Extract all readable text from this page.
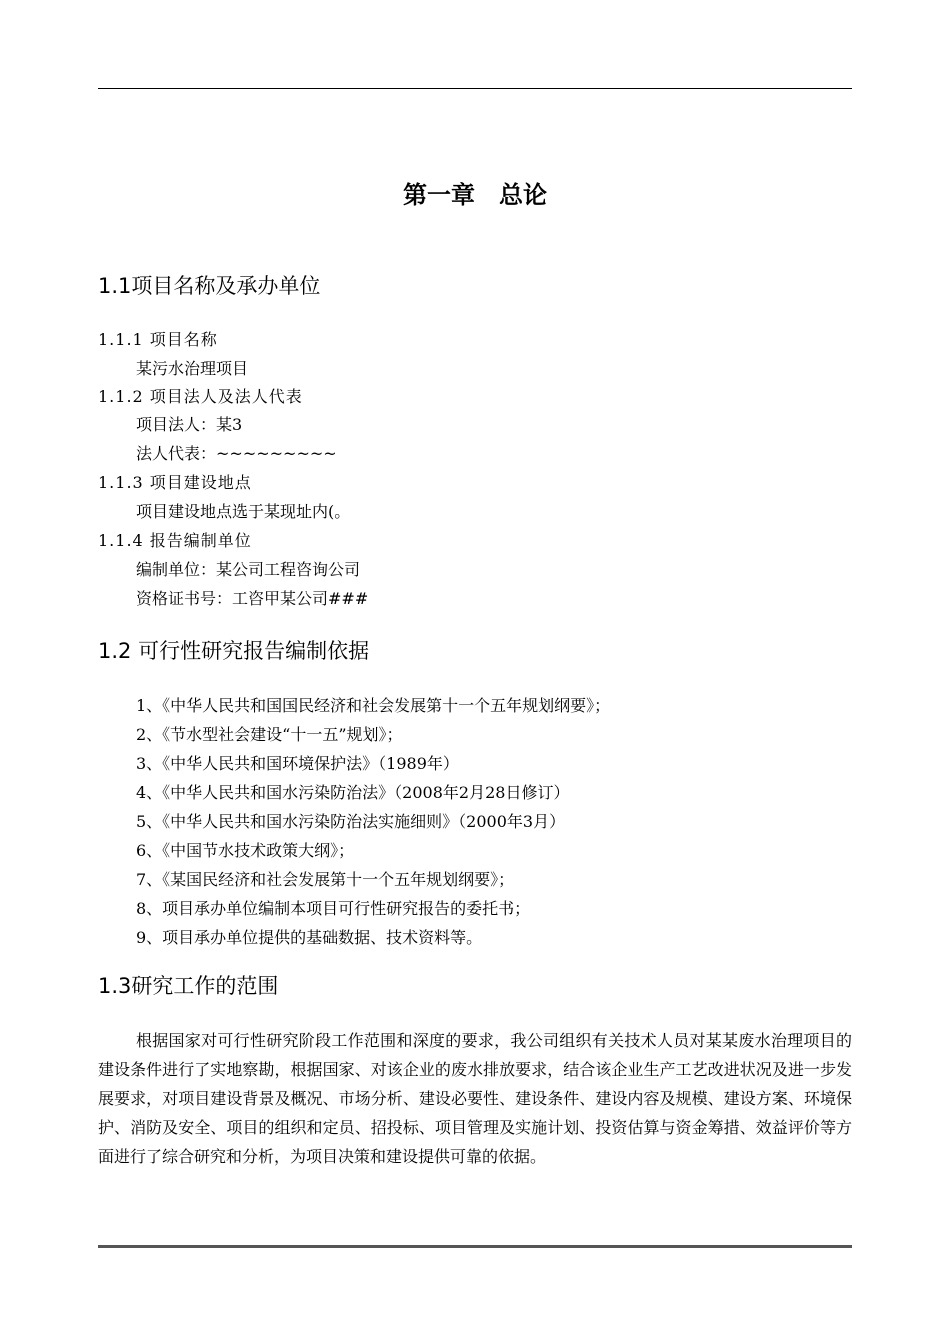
第一章　总论
1.1项目名称及承办单位
1.1.1 项目名称
某污水治理项目
1.1.2 项目法人及法人代表
项目法人：某3
法人代表：~~~~~~~~~
1.1.3 项目建设地点
项目建设地点选于某现址内(。
1.1.4 报告编制单位
编制单位：某公司工程咨询公司
资格证书号：工咨甲某公司###
1.2 可行性研究报告编制依据
1、《中华人民共和国国民经济和社会发展第十一个五年规划纲要》；
2、《节水型社会建设“十一五”规划》；
3、《中华人民共和国环境保护法》（1989年）
4、《中华人民共和国水污染防治法》（2008年2月28日修订）
5、《中华人民共和国水污染防治法实施细则》（2000年3月）
6、《中国节水技术政策大纲》；
7、《某国民经济和社会发展第十一个五年规划纲要》；
8、项目承办单位编制本项目可行性研究报告的委托书；
9、项目承办单位提供的基础数据、技术资料等。
1.3研究工作的范围

根据国家对可行性研究阶段工作范围和深度的要求，我公司组织有关技术人员对某某废水治理项目的建设条件进行了实地察勘，根据国家、对该企业的废水排放要求，结合该企业生产工艺改进状况及进一步发展要求，对项目建设背景及概况、市场分析、建设必要性、建设条件、建设内容及规模、建设方案、环境保护、消防及安全、项目的组织和定员、招投标、项目管理及实施计划、投资估算与资金筹措、效益评价等方面进行了综合研究和分析，为项目决策和建设提供可靠的依据。
